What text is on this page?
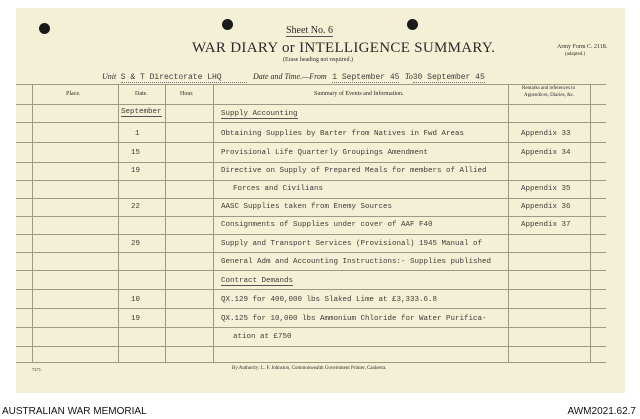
Sheet No. 6
WAR DIARY or INTELLIGENCE SUMMARY.
(Erase heading not required.)
Army Form C. 2118.
(adapted.)
Unit S & T Directorate LHQ	Date and Time.—From 1 September 45 To30 September 45
Place.	Date.	Hour.	Summary of Events and Information.
Remarks and references to
Appendices, Diaries, &c.
September	Supply Accounting
1	Obtaining Supplies by Barter from Natives in Fwd Areas	Appendix 33
15	Provisional Life Quarterly Groupings Amendment	Appendix 34
19	Directive on Supply of Prepared Meals for members of Allied
Forces and Civilians	Appendix 35
22	AASC Supplies taken from Enemy Sources	Appendix 36
Consignments of Supplies under cover of AAF F40	Appendix 37
29	Supply and Transport Services (Provisional) 1945 Manual of
General Adm and Accounting Instructions:- Supplies published
Contract Demands
10	QX.129 for 400,000 lbs Slaked Lime at £3,333.6.8
19	QX.125 for 10,000 lbs Ammonium Chloride for Water Purifica-
ation at £750
7271.	By Authority: L. F. Johnston, Commonwealth Government Printer, Canberra.
AUSTRALIAN WAR MEMORIAL	AWM2021.62.7
